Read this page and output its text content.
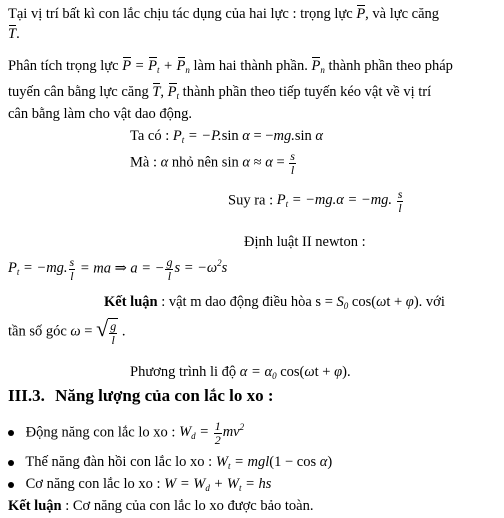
Tại vị trí bất kì con lắc chịu tác dụng của hai lực : trọng lực P, và lực căng
T.
Phân tích trọng lực $P = P_t + P_n$ làm hai thành phần. $P_n$ thành phần theo pháp
tuyến cân bằng lực căng T, $P_t$ thành phần theo tiếp tuyến kéo vật về vị trí
cân bằng làm cho vật dao động.
Ta có : $P_t = -P.\sin$ α = −mg.sin α
Mà : α nhỏ nên $\sin \alpha \approx \alpha = \frac{s}{l}$
Suy ra : $P_t = -mg.\alpha = -mg$. $\frac{s}{l}$
Định luật II newton :
$P_t = -mg$. $\frac{s}{l}$ = ma ⇒ a = − $\frac{g}{l}$ $s = -\omega^2s$
Kết luận : vật m dao động điều hòa $s = S_0$ cos(ωt + φ). với
tần số góc ω = √ $\frac{g}{l}$ .
Phương trình li độ $\alpha = \alpha_0$ cos(ωt + φ).
III.3. Năng lượng của con lắc lo xo :
Động năng con lắc lo xo : $W_d = \frac{1}{2} mv^2$
Thế năng đàn hồi con lắc lo xo : $W_t = mgl(1 - \cos \alpha)$
Cơ năng con lắc lo xo : $W = W_d + W_t$ = hs
Kết luận : Cơ năng của con lắc lo xo được bảo toàn.
